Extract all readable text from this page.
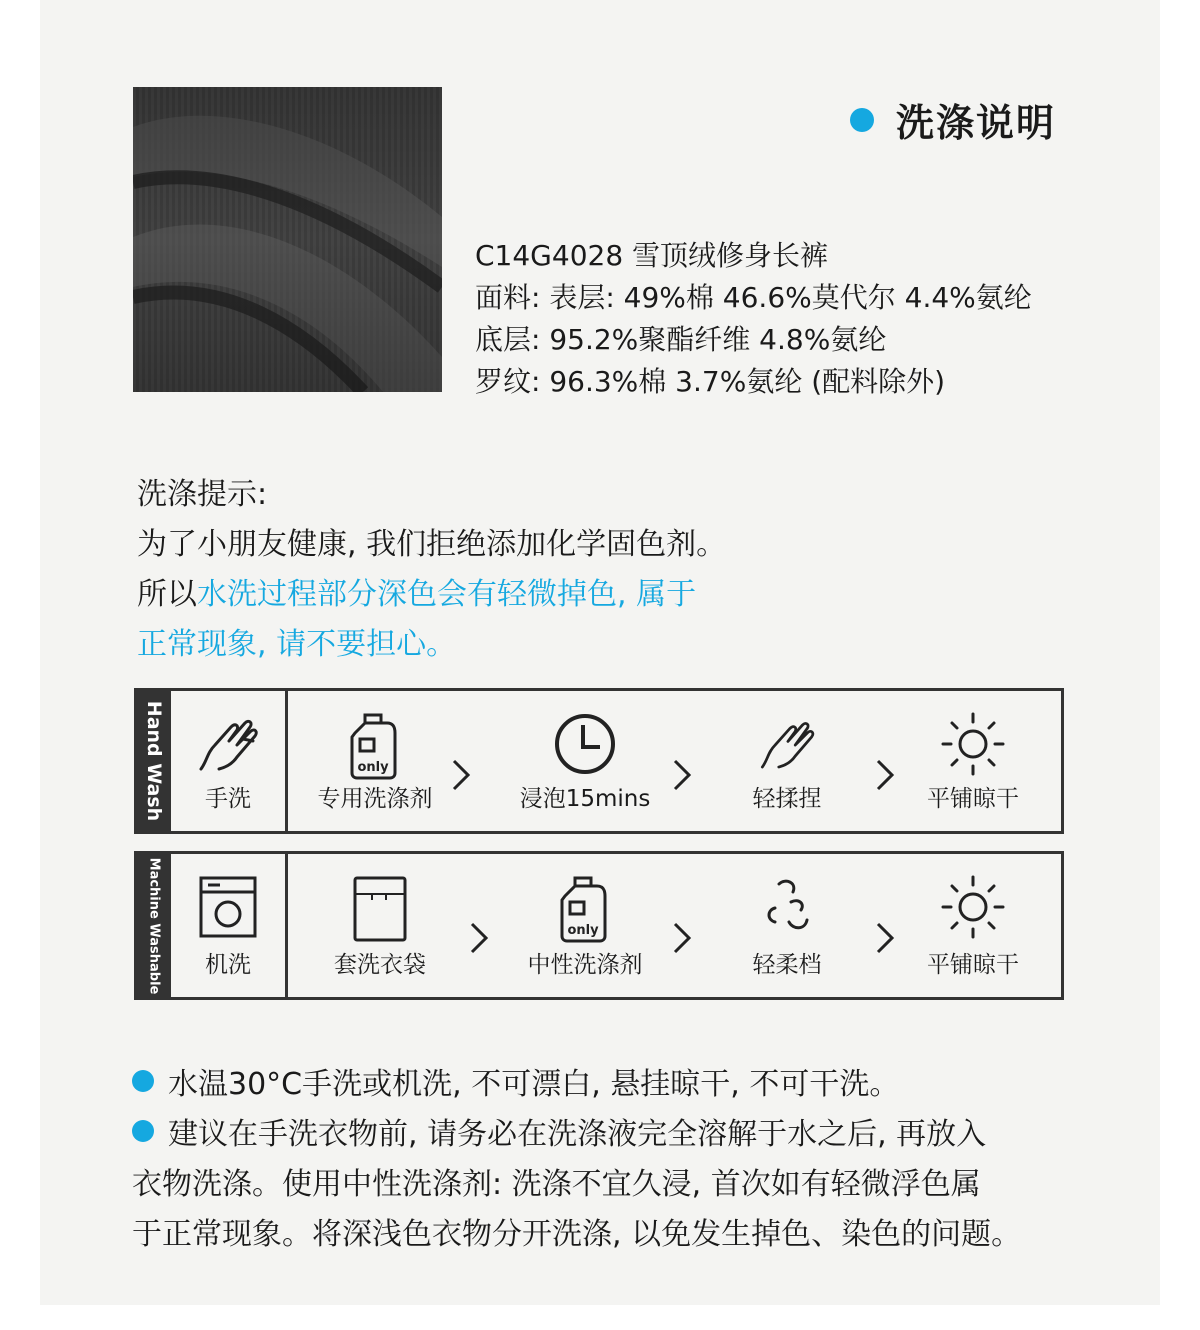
洗涤说明
C14G4028 雪顶绒修身长裤
面料: 表层: 49%棉 46.6%莫代尔 4.4%氨纶
底层: 95.2%聚酯纤维 4.8%氨纶
罗纹: 96.3%棉 3.7%氨纶 (配料除外)
洗涤提示:
为了小朋友健康, 我们拒绝添加化学固色剂。
所以水洗过程部分深色会有轻微掉色, 属于
正常现象, 请不要担心。
Hand Wash	手洗
only
专用洗涤剂	浸泡15mins	轻揉捏	平铺晾干
Machine Washable	机洗	套洗衣袋
only
中性洗涤剂	轻柔档	平铺晾干
水温30°C手洗或机洗, 不可漂白, 悬挂晾干, 不可干洗。
建议在手洗衣物前, 请务必在洗涤液完全溶解于水之后, 再放入
衣物洗涤。使用中性洗涤剂: 洗涤不宜久浸, 首次如有轻微浮色属
于正常现象。将深浅色衣物分开洗涤, 以免发生掉色、染色的问题。
